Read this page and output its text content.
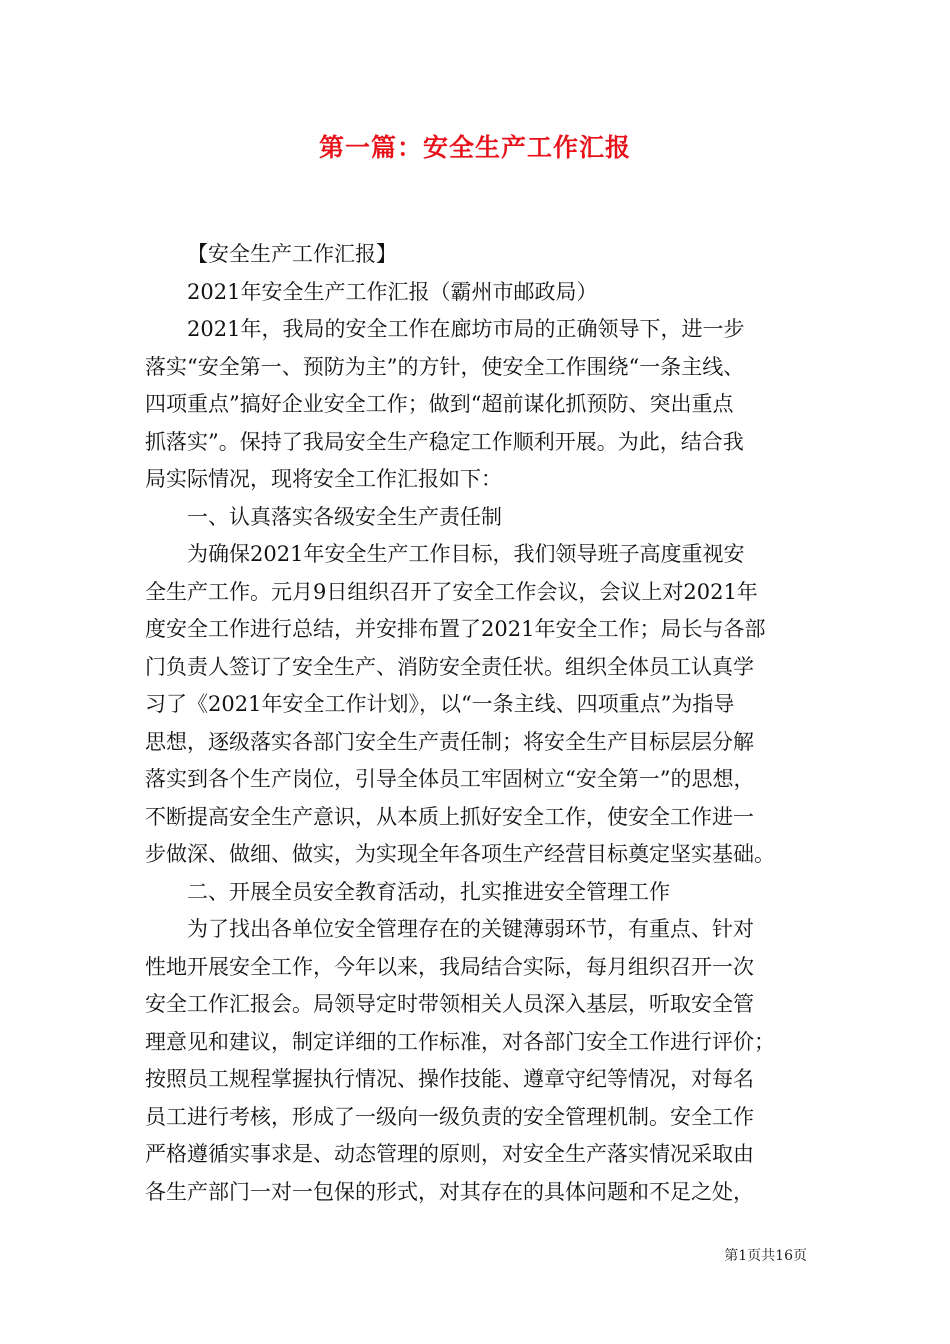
第一篇：安全生产工作汇报

【安全生产工作汇报】

2021年安全生产工作汇报（霸州市邮政局）

2021年，我局的安全工作在廊坊市局的正确领导下，进一步

落实“安全第一、预防为主”的方针，使安全工作围绕“一条主线、

四项重点”搞好企业安全工作；做到“超前谋化抓预防、突出重点

抓落实”。保持了我局安全生产稳定工作顺利开展。为此，结合我

局实际情况，现将安全工作汇报如下：

一、认真落实各级安全生产责任制

为确保2021年安全生产工作目标，我们领导班子高度重视安

全生产工作。元月9日组织召开了安全工作会议，会议上对2021年

度安全工作进行总结，并安排布置了2021年安全工作；局长与各部

门负责人签订了安全生产、消防安全责任状。组织全体员工认真学

习了《2021年安全工作计划》，以“一条主线、四项重点”为指导

思想，逐级落实各部门安全生产责任制；将安全生产目标层层分解

落实到各个生产岗位，引导全体员工牢固树立“安全第一”的思想，

不断提高安全生产意识，从本质上抓好安全工作，使安全工作进一

步做深、做细、做实，为实现全年各项生产经营目标奠定坚实基础。

二、开展全员安全教育活动，扎实推进安全管理工作

为了找出各单位安全管理存在的关键薄弱环节，有重点、针对

性地开展安全工作，今年以来，我局结合实际，每月组织召开一次

安全工作汇报会。局领导定时带领相关人员深入基层，听取安全管

理意见和建议，制定详细的工作标准，对各部门安全工作进行评价；

按照员工规程掌握执行情况、操作技能、遵章守纪等情况，对每名

员工进行考核，形成了一级向一级负责的安全管理机制。安全工作

严格遵循实事求是、动态管理的原则，对安全生产落实情况采取由

各生产部门一对一包保的形式，对其存在的具体问题和不足之处，

第1页共16页
